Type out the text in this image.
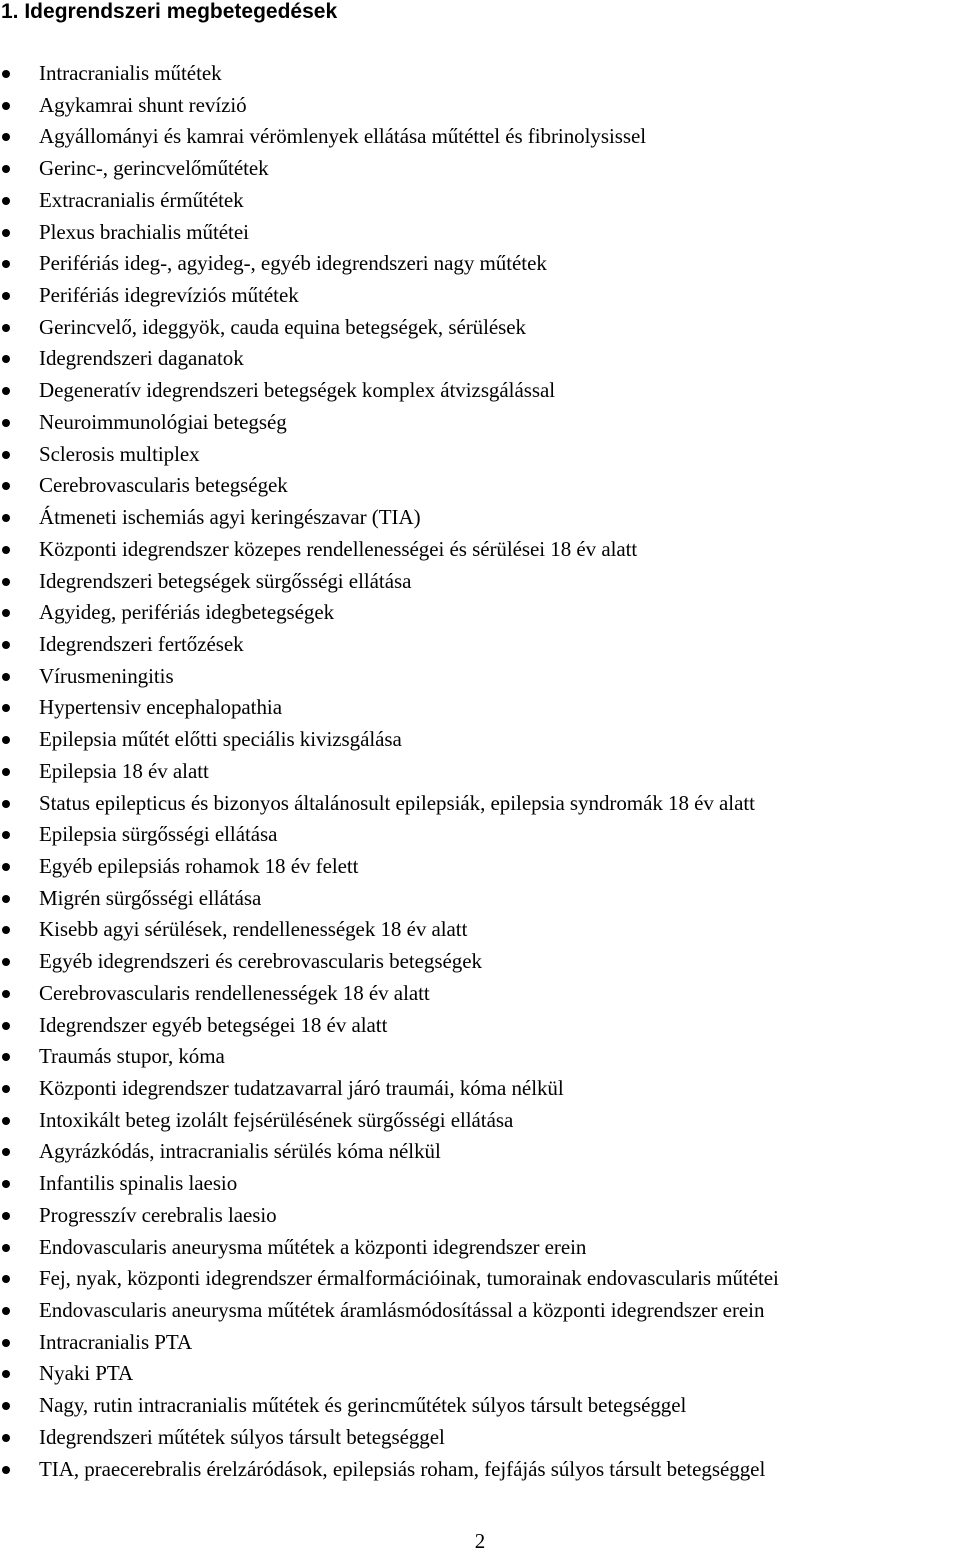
1. Idegrendszeri megbetegedések
Intracranialis műtétek
Agykamrai shunt revízió
Agyállományi és kamrai vérömlenyek ellátása műtéttel és fibrinolysissel
Gerinc-, gerincvelőműtétek
Extracranialis érműtétek
Plexus brachialis műtétei
Perifériás ideg-, agyideg-, egyéb idegrendszeri nagy műtétek
Perifériás idegrevíziós műtétek
Gerincvelő, ideggyök, cauda equina betegségek, sérülések
Idegrendszeri daganatok
Degeneratív idegrendszeri betegségek komplex átvizsgálással
Neuroimmunológiai betegség
Sclerosis multiplex
Cerebrovascularis betegségek
Átmeneti ischemiás agyi keringészavar (TIA)
Központi idegrendszer közepes rendellenességei és sérülései 18 év alatt
Idegrendszeri betegségek sürgősségi ellátása
Agyideg, perifériás idegbetegségek
Idegrendszeri fertőzések
Vírusmeningitis
Hypertensiv encephalopathia
Epilepsia műtét előtti speciális kivizsgálása
Epilepsia 18 év alatt
Status epilepticus és bizonyos általánosult epilepsiák, epilepsia syndromák 18 év alatt
Epilepsia sürgősségi ellátása
Egyéb epilepsiás rohamok 18 év felett
Migrén sürgősségi ellátása
Kisebb agyi sérülések, rendellenességek 18 év alatt
Egyéb idegrendszeri és cerebrovascularis betegségek
Cerebrovascularis rendellenességek 18 év alatt
Idegrendszer egyéb betegségei 18 év alatt
Traumás stupor, kóma
Központi idegrendszer tudatzavarral járó traumái, kóma nélkül
Intoxikált beteg izolált fejsérülésének sürgősségi ellátása
Agyrázkódás, intracranialis sérülés kóma nélkül
Infantilis spinalis laesio
Progresszív cerebralis laesio
Endovascularis aneurysma műtétek a központi idegrendszer erein
Fej, nyak, központi idegrendszer érmalformációinak, tumorainak endovascularis műtétei
Endovascularis aneurysma műtétek áramlásmódosítással a központi idegrendszer erein
Intracranialis PTA
Nyaki PTA
Nagy, rutin intracranialis műtétek és gerincműtétek súlyos társult betegséggel
Idegrendszeri műtétek súlyos társult betegséggel
TIA, praecerebralis érelzáródások, epilepsiás roham, fejfájás súlyos társult betegséggel
2
